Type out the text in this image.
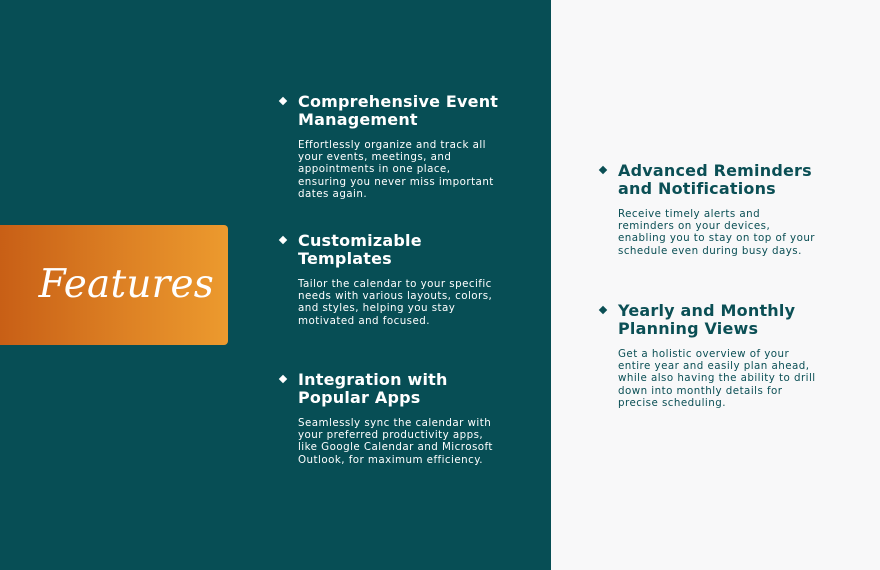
Features
Comprehensive Event Management
Effortlessly organize and track all your events, meetings, and appointments in one place, ensuring you never miss important dates again.
Customizable Templates
Tailor the calendar to your specific needs with various layouts, colors, and styles, helping you stay motivated and focused.
Integration with Popular Apps
Seamlessly sync the calendar with your preferred productivity apps, like Google Calendar and Microsoft Outlook, for maximum efficiency.
Advanced Reminders and Notifications
Receive timely alerts and reminders on your devices, enabling you to stay on top of your schedule even during busy days.
Yearly and Monthly Planning Views
Get a holistic overview of your entire year and easily plan ahead, while also having the ability to drill down into monthly details for precise scheduling.
